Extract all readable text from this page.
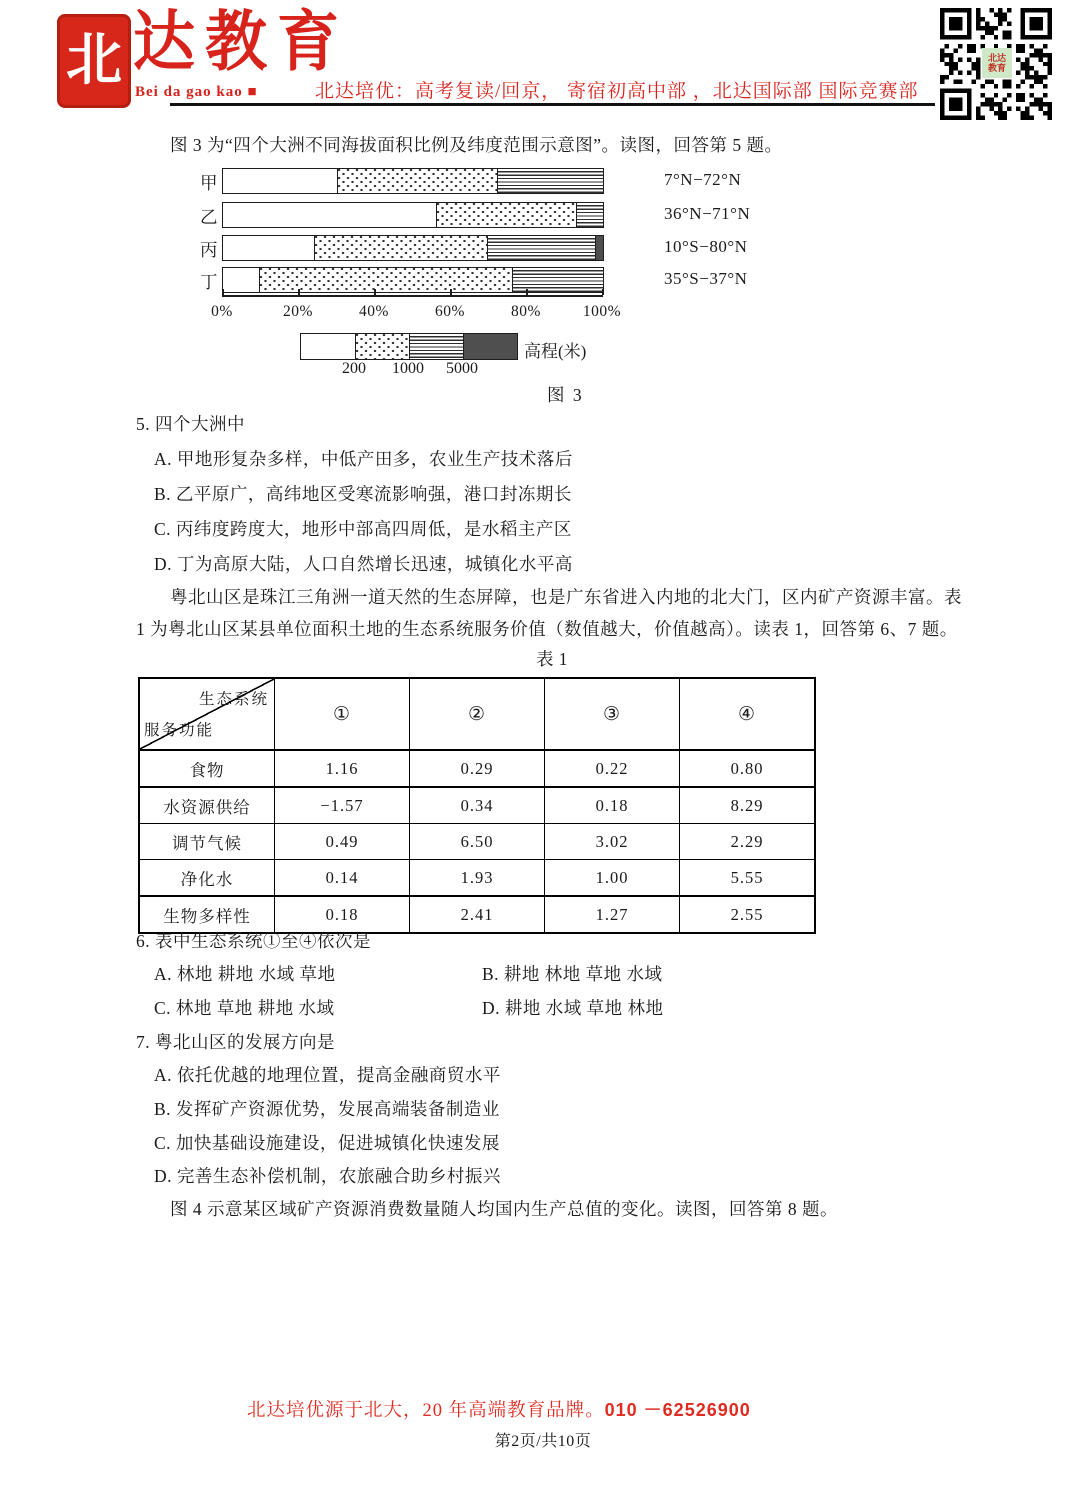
北 达教育
Bei da gao kao ■	北达培优：高考复读/回京， 寄宿初高中部 ，北达国际部 国际竞赛部
北达
教育
图 3 为“四个大洲不同海拔面积比例及纬度范围示意图”。读图，回答第 5 题。
甲	7°N−72°N
乙	36°N−71°N
丙	10°S−80°N
丁	35°S−37°N
0%	20%	40%	60%	80%	100%
200 1000 5000
高程(米)
图 3
5. 四个大洲中
A. 甲地形复杂多样，中低产田多，农业生产技术落后
B. 乙平原广，高纬地区受寒流影响强，港口封冻期长
C. 丙纬度跨度大，地形中部高四周低，是水稻主产区
D. 丁为高原大陆，人口自然增长迅速，城镇化水平高
粤北山区是珠江三角洲一道天然的生态屏障，也是广东省进入内地的北大门，区内矿产资源丰富。表
1 为粤北山区某县单位面积土地的生态系统服务价值（数值越大，价值越高）。读表 1，回答第 6、7 题。
表 1
生态系统
服务功能	①	②	③	④
食物	1.16	0.29	0.22	0.80
水资源供给	−1.57	0.34	0.18	8.29
调节气候	0.49	6.50	3.02	2.29
净化水	0.14	1.93	1.00	5.55
生物多样性	0.18	2.41	1.27	2.55
6. 表中生态系统①至④依次是
A. 林地 耕地 水域 草地	B. 耕地 林地 草地 水域
C. 林地 草地 耕地 水域	D. 耕地 水域 草地 林地
7. 粤北山区的发展方向是
A. 依托优越的地理位置，提高金融商贸水平
B. 发挥矿产资源优势，发展高端装备制造业
C. 加快基础设施建设，促进城镇化快速发展
D. 完善生态补偿机制，农旅融合助乡村振兴
图 4 示意某区域矿产资源消费数量随人均国内生产总值的变化。读图，回答第 8 题。
北达培优源于北大，20 年高端教育品牌。010 －62526900
第2页/共10页
